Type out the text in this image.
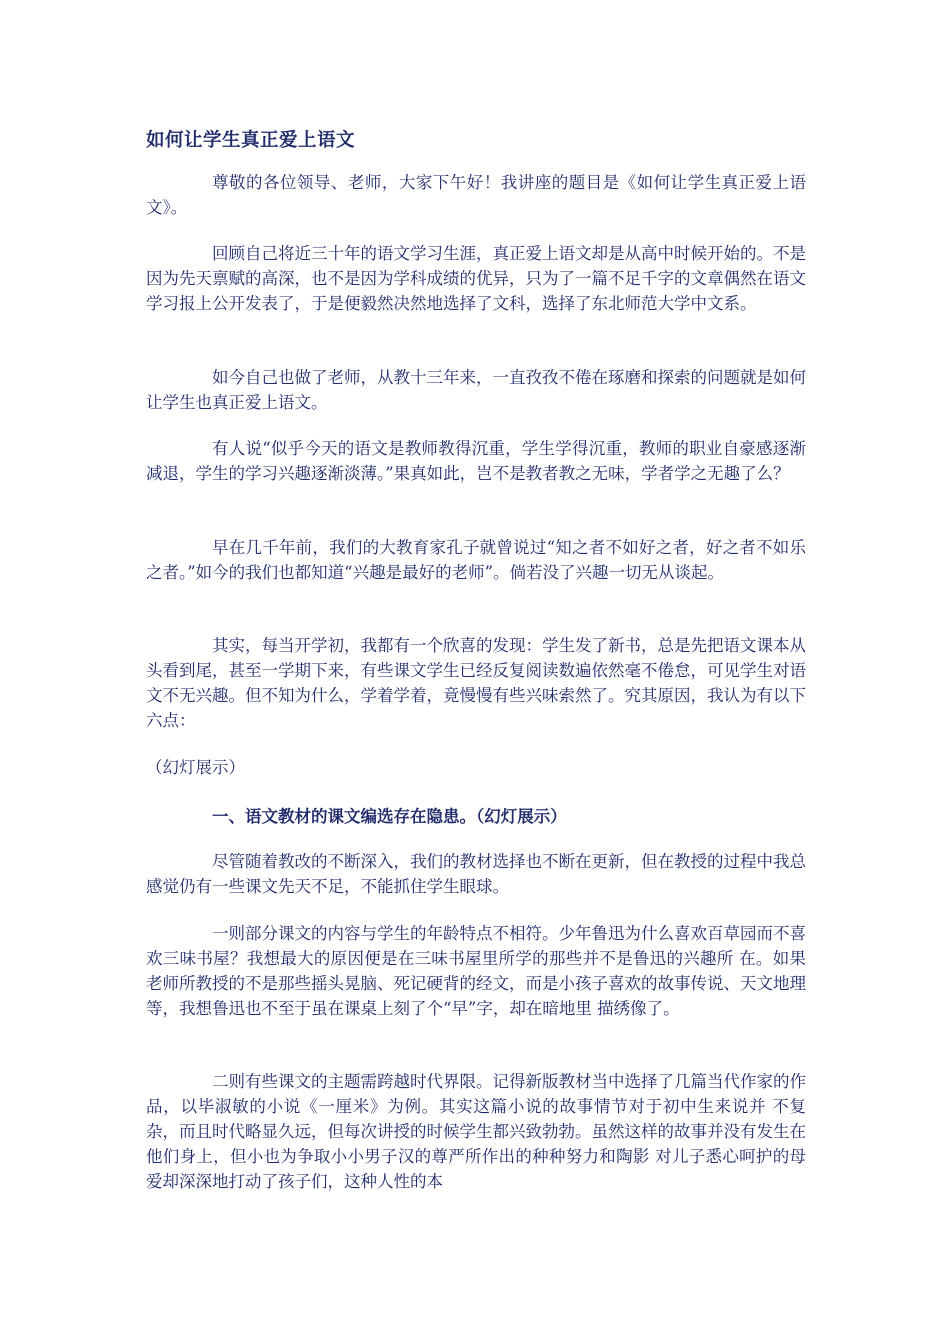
如何让学生真正爱上语文

尊敬的各位领导、老师，大家下午好！我讲座的题目是《如何让学生真正爱上语文》。

回顾自己将近三十年的语文学习生涯，真正爱上语文却是从高中时候开始的。不是因为先天禀赋的高深，也不是因为学科成绩的优异，只为了一篇不足千字的文章偶然在语文学习报上公开发表了，于是便毅然决然地选择了文科，选择了东北师范大学中文系。

如今自己也做了老师，从教十三年来，一直孜孜不倦在琢磨和探索的问题就是如何让学生也真正爱上语文。

有人说“似乎今天的语文是教师教得沉重，学生学得沉重，教师的职业自豪感逐渐减退，学生的学习兴趣逐渐淡薄。”果真如此，岂不是教者教之无味，学者学之无趣了么？

早在几千年前，我们的大教育家孔子就曾说过“知之者不如好之者，好之者不如乐之者。”如今的我们也都知道“兴趣是最好的老师”。倘若没了兴趣一切无从谈起。

其实，每当开学初，我都有一个欣喜的发现：学生发了新书，总是先把语文课本从头看到尾，甚至一学期下来，有些课文学生已经反复阅读数遍依然毫不倦怠，可见学生对语文不无兴趣。但不知为什么，学着学着，竟慢慢有些兴味索然了。究其原因，我认为有以下六点：

（幻灯展示）

一、语文教材的课文编选存在隐患。（幻灯展示）

尽管随着教改的不断深入，我们的教材选择也不断在更新，但在教授的过程中我总感觉仍有一些课文先天不足，不能抓住学生眼球。

一则部分课文的内容与学生的年龄特点不相符。少年鲁迅为什么喜欢百草园而不喜欢三味书屋？我想最大的原因便是在三味书屋里所学的那些并不是鲁迅的兴趣所 在。如果老师所教授的不是那些摇头晃脑、死记硬背的经文，而是小孩子喜欢的故事传说、天文地理等，我想鲁迅也不至于虽在课桌上刻了个“早”字，却在暗地里 描绣像了。

二则有些课文的主题需跨越时代界限。记得新版教材当中选择了几篇当代作家的作品，以毕淑敏的小说《一厘米》为例。其实这篇小说的故事情节对于初中生来说并 不复杂，而且时代略显久远，但每次讲授的时候学生都兴致勃勃。虽然这样的故事并没有发生在他们身上，但小也为争取小小男子汉的尊严所作出的种种努力和陶影 对儿子悉心呵护的母爱却深深地打动了孩子们，这种人性的本
